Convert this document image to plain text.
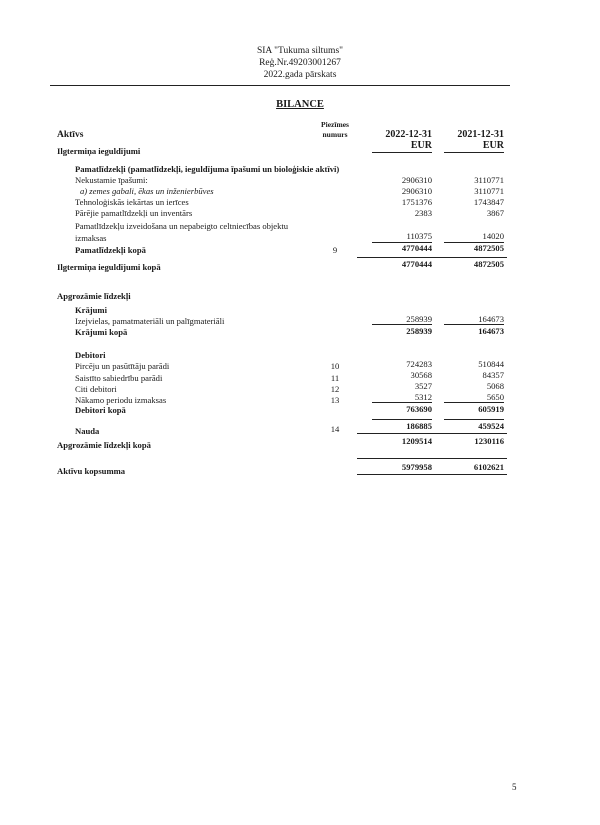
SIA "Tukuma siltums"
Reģ.Nr.49203001267
2022.gada pārskats
BILANCE
Aktīvs
Piezīmes
numurs	2022-12-31	2021-12-31
EUR	EUR
Ilgtermiņa ieguldījumi
Pamatlīdzekļi (pamatlīdzekļi, ieguldījuma īpašumi un bioloģiskie aktīvi)
Nekustamie īpašumi:	2906310	3110771
a) zemes gabali, ēkas un inženierbūves	2906310	3110771
Tehnoloģiskās iekārtas un ierīces	1751376	1743847
Pārējie pamatlīdzekļi un inventārs	2383	3867
Pamatlīdzekļu izveidošana un nepabeigto celtniecības objektu
izmaksas	110375	14020
Pamatlīdzekļi kopā	9	4770444	4872505
Ilgtermiņa ieguldījumi kopā	4770444	4872505
Apgrozāmie līdzekļi
Krājumi
Izejvielas, pamatmateriāli un palīgmateriāli	258939	164673
Krājumi kopā	258939	164673
Debitori
Pircēju un pasūtītāju parādi	10	724283	510844
Saistīto sabiedrību parādi	11	30568	84357
Citi debitori	12	3527	5068
Nākamo periodu izmaksas	13	5312	5650
Debitori kopā	763690	605919
Nauda	14	186885	459524
Apgrozāmie līdzekļi kopā	1209514	1230116
Aktīvu kopsumma	5979958	6102621
5
